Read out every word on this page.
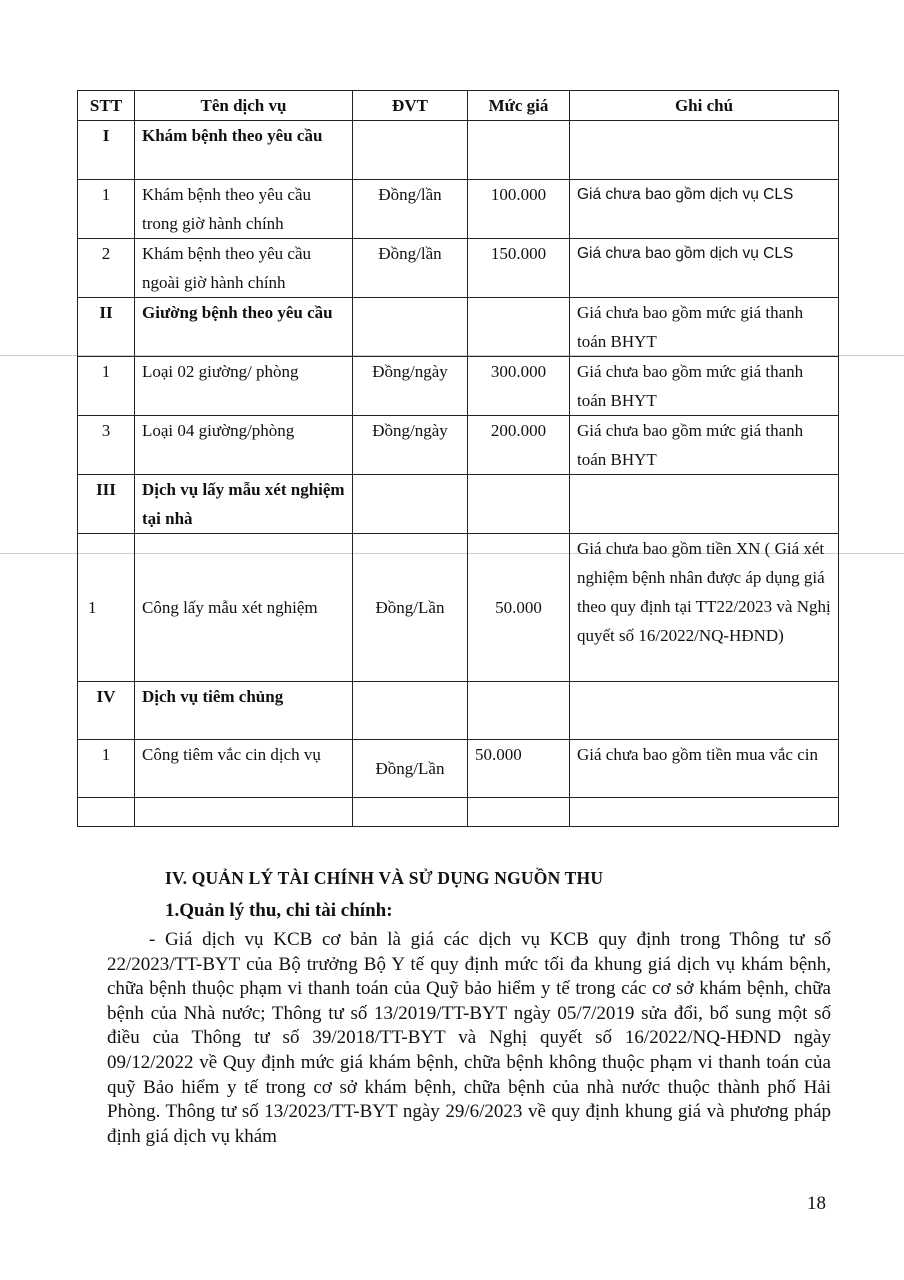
STT	Tên dịch vụ	ĐVT	Mức giá	Ghi chú
I	Khám bệnh theo yêu cầu			
1	Khám bệnh theo yêu cầu trong giờ hành chính	Đồng/lần	100.000	Giá chưa bao gồm dịch vụ CLS
2	Khám bệnh theo yêu cầu ngoài giờ hành chính	Đồng/lần	150.000	Giá chưa bao gồm dịch vụ CLS
II	Giường bệnh theo yêu cầu			Giá chưa bao gồm mức giá thanh toán BHYT
1	Loại 02 giường/ phòng	Đồng/ngày	300.000	Giá chưa bao gồm mức giá thanh toán BHYT
3	Loại 04 giường/phòng	Đồng/ngày	200.000	Giá chưa bao gồm mức giá thanh toán BHYT
III	Dịch vụ lấy mẫu xét nghiệm tại nhà			
1	Công lấy mẫu xét nghiệm	Đồng/Lần	50.000	Giá chưa bao gồm tiền XN ( Giá xét nghiệm bệnh nhân được áp dụng giá theo quy định tại TT22/2023 và Nghị quyết số 16/2022/NQ-HĐND)
IV	Dịch vụ tiêm chủng			
1	Công tiêm vắc cin dịch vụ	Đồng/Lần	50.000	Giá chưa bao gồm tiền mua vắc cin

IV. QUẢN LÝ TÀI CHÍNH VÀ SỬ DỤNG NGUỒN THU
1.Quản lý thu, chi tài chính:

- Giá dịch vụ KCB cơ bản là giá các dịch vụ KCB quy định trong Thông tư số 22/2023/TT-BYT của Bộ trưởng Bộ Y tế quy định mức tối đa khung giá dịch vụ khám bệnh, chữa bệnh thuộc phạm vi thanh toán của Quỹ bảo hiểm y tế trong các cơ sở khám bệnh, chữa bệnh của Nhà nước; Thông tư số 13/2019/TT-BYT ngày 05/7/2019 sửa đổi, bổ sung một số điều của Thông tư số 39/2018/TT-BYT và Nghị quyết số 16/2022/NQ-HĐND ngày 09/12/2022 về Quy định mức giá khám bệnh, chữa bệnh không thuộc phạm vi thanh toán của quỹ Bảo hiểm y tế trong cơ sở khám bệnh, chữa bệnh của nhà nước thuộc thành phố Hải Phòng. Thông tư số 13/2023/TT-BYT ngày 29/6/2023 về quy định khung giá và phương pháp định giá dịch vụ khám

18
